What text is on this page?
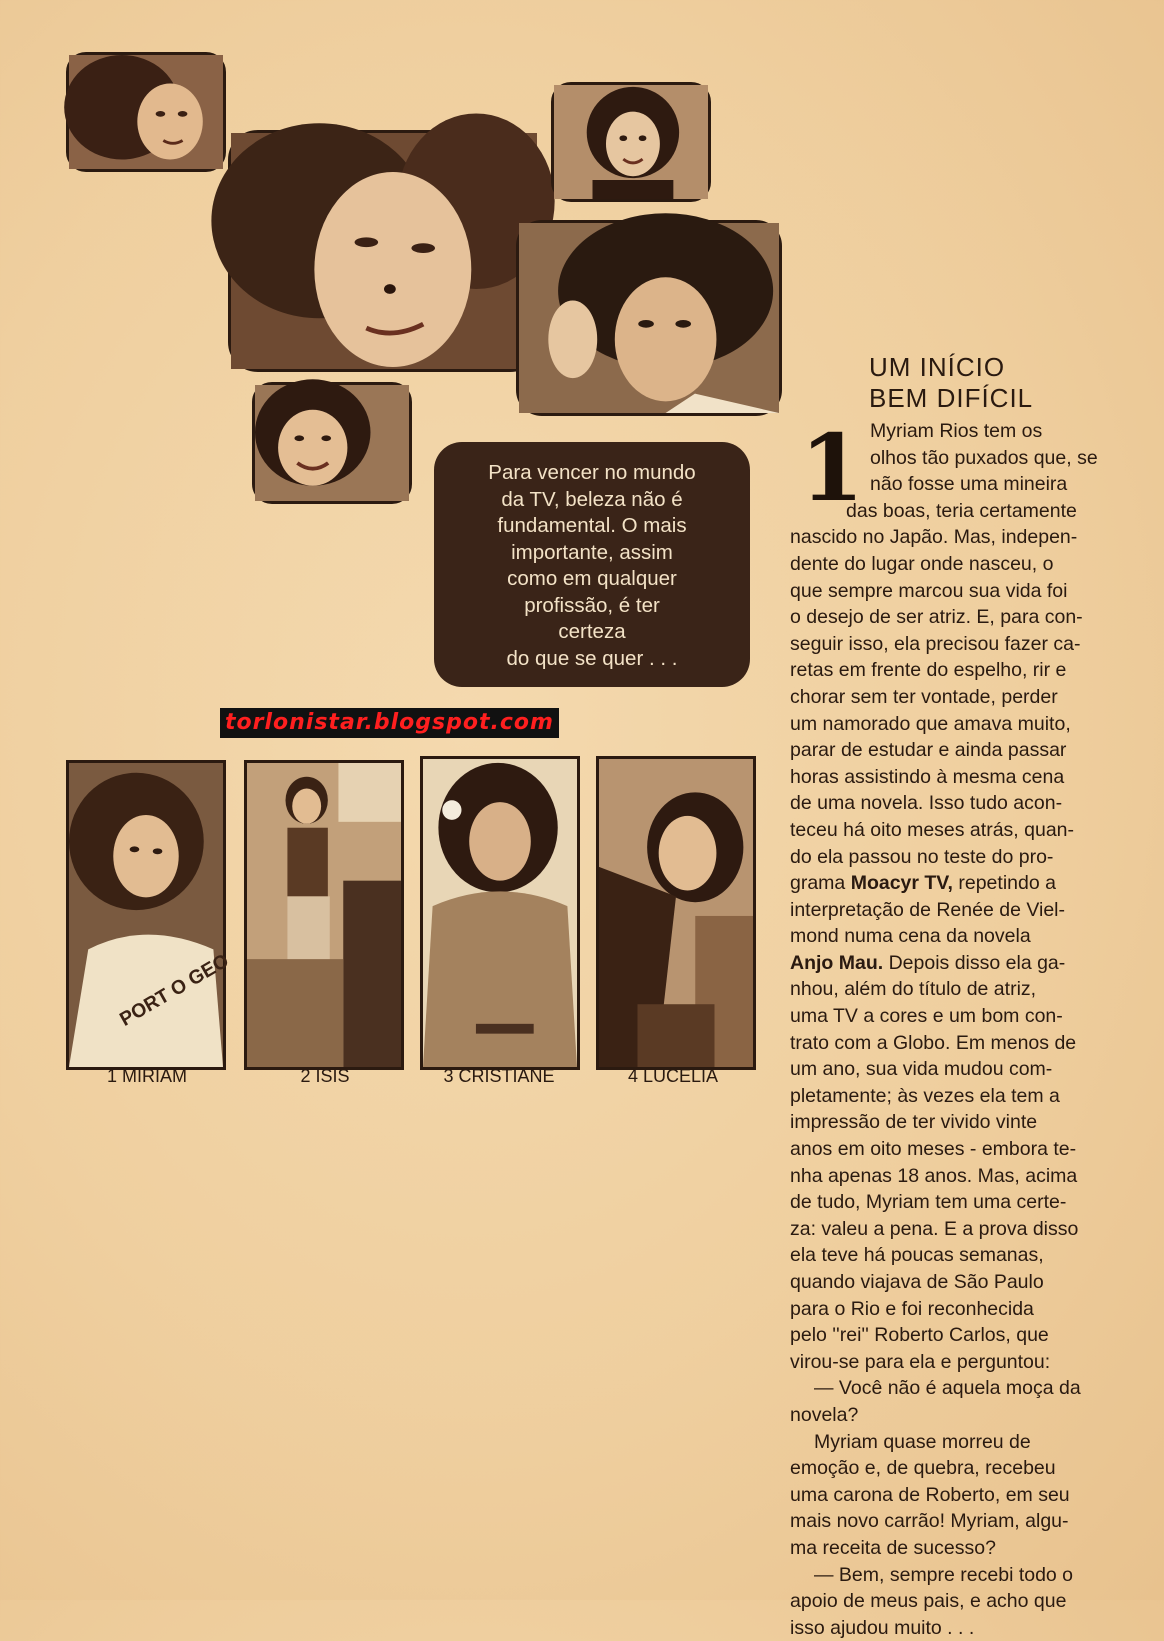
Para vencer no mundo
da TV, beleza não é
fundamental. O mais
importante, assim
como em qualquer
profissão, é ter
certeza
do que se quer . . .
torlonistar.blogspot.com
PORT O GEO
1 MIRIAM	2 ISIS	3 CRISTIANE	4 LUCELIA
UM INÍCIO
BEM DIFÍCIL
1 Myriam Rios tem os
olhos tão puxados que, se
não fosse uma mineira
das boas, teria certamente
nascido no Japão. Mas, indepen-
dente do lugar onde nasceu, o
que sempre marcou sua vida foi
o desejo de ser atriz. E, para con-
seguir isso, ela precisou fazer ca-
retas em frente do espelho, rir e
chorar sem ter vontade, perder
um namorado que amava muito,
parar de estudar e ainda passar
horas assistindo à mesma cena
de uma novela. Isso tudo acon-
teceu há oito meses atrás, quan-
do ela passou no teste do pro-
grama Moacyr TV, repetindo a
interpretação de Renée de Viel-
mond numa cena da novela
Anjo Mau. Depois disso ela ga-
nhou, além do título de atriz,
uma TV a cores e um bom con-
trato com a Globo. Em menos de
um ano, sua vida mudou com-
pletamente; às vezes ela tem a
impressão de ter vivido vinte
anos em oito meses - embora te-
nha apenas 18 anos. Mas, acima
de tudo, Myriam tem uma certe-
za: valeu a pena. E a prova disso
ela teve há poucas semanas,
quando viajava de São Paulo
para o Rio e foi reconhecida
pelo ''rei'' Roberto Carlos, que
virou-se para ela e perguntou:
— Você não é aquela moça da
novela?
Myriam quase morreu de
emoção e, de quebra, recebeu
uma carona de Roberto, em seu
mais novo carrão! Myriam, algu-
ma receita de sucesso?
— Bem, sempre recebi todo o
apoio de meus pais, e acho que
isso ajudou muito . . .
